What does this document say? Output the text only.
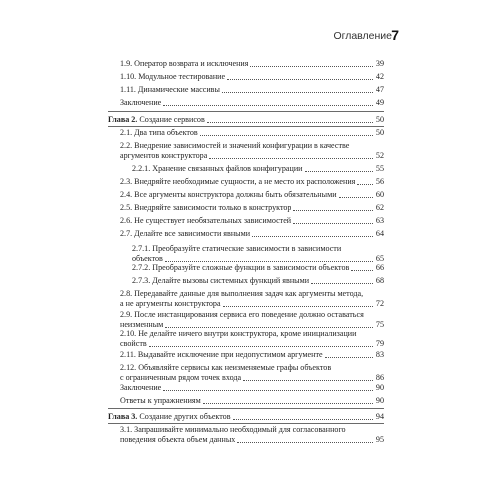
Оглавление 7
1.9. Оператор возврата и исключения	39
1.10. Модульное тестирование	42
1.11. Динамические массивы	47
Заключение	49
Глава 2. Создание сервисов	50
2.1. Два типа объектов	50
2.2. Внедрение зависимостей и значений конфигурации в качестве
аргументов конструктора	52
2.2.1. Хранение связанных файлов конфигурации	55
2.3. Внедряйте необходимые сущности, а не место их расположения	56
2.4. Все аргументы конструктора должны быть обязательными	60
2.5. Внедряйте зависимости только в конструктор	62
2.6. Не существует необязательных зависимостей	63
2.7. Делайте все зависимости явными	64
2.7.1. Преобразуйте статические зависимости в зависимости
объектов	65
2.7.2. Преобразуйте сложные функции в зависимости объектов	66
2.7.3. Делайте вызовы системных функций явными	68
2.8. Передавайте данные для выполнения задач как аргументы метода,
а не аргументы конструктора	72
2.9. После инстанцирования сервиса его поведение должно оставаться
неизменным	75
2.10. Не делайте ничего внутри конструктора, кроме инициализации
свойств	79
2.11. Выдавайте исключение при недопустимом аргументе	83
2.12. Объявляйте сервисы как неизменяемые графы объектов
с ограниченным рядом точек входа	86
Заключение	90
Ответы к упражнениям	90
Глава 3. Создание других объектов	94
3.1. Запрашивайте минимально необходимый для согласованного
поведения объекта объем данных	95
